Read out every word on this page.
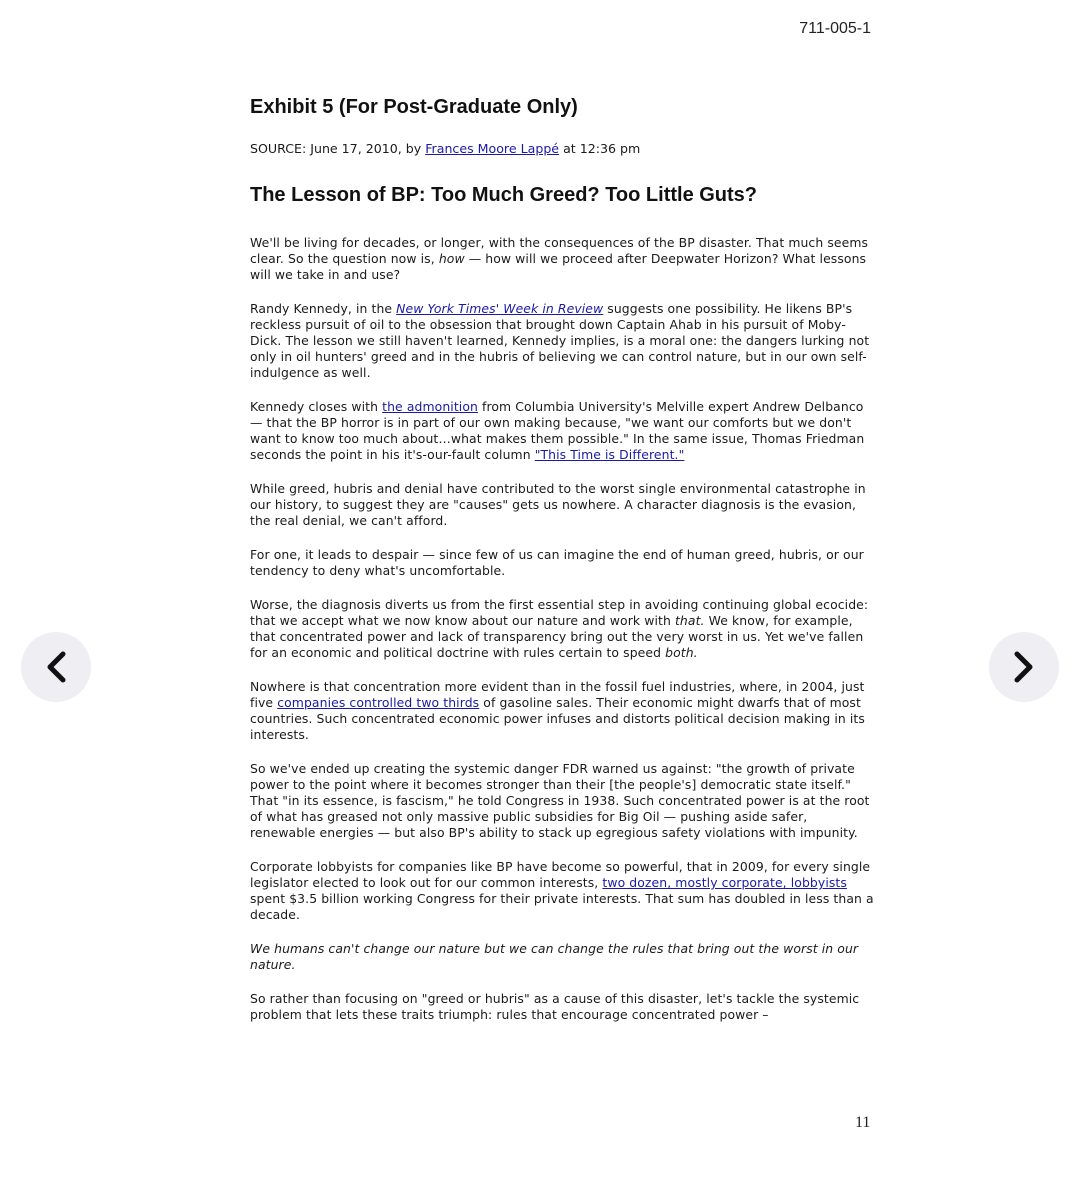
711-005-1
Exhibit 5 (For Post-Graduate Only)
SOURCE: June 17, 2010, by Frances Moore Lappé at 12:36 pm
The Lesson of BP: Too Much Greed? Too Little Guts?

We'll be living for decades, or longer, with the consequences of the BP disaster. That much seems clear. So the question now is, how — how will we proceed after Deepwater Horizon? What lessons will we take in and use?

Randy Kennedy, in the New York Times' Week in Review suggests one possibility. He likens BP's reckless pursuit of oil to the obsession that brought down Captain Ahab in his pursuit of Moby-Dick. The lesson we still haven't learned, Kennedy implies, is a moral one: the dangers lurking not only in oil hunters' greed and in the hubris of believing we can control nature, but in our own self-indulgence as well.

Kennedy closes with the admonition from Columbia University's Melville expert Andrew Delbanco — that the BP horror is in part of our own making because, "we want our comforts but we don't want to know too much about…what makes them possible." In the same issue, Thomas Friedman seconds the point in his it's-our-fault column "This Time is Different."

While greed, hubris and denial have contributed to the worst single environmental catastrophe in our history, to suggest they are "causes" gets us nowhere. A character diagnosis is the evasion, the real denial, we can't afford.

For one, it leads to despair — since few of us can imagine the end of human greed, hubris, or our tendency to deny what's uncomfortable.

Worse, the diagnosis diverts us from the first essential step in avoiding continuing global ecocide: that we accept what we now know about our nature and work with that. We know, for example, that concentrated power and lack of transparency bring out the very worst in us. Yet we've fallen for an economic and political doctrine with rules certain to speed both.

Nowhere is that concentration more evident than in the fossil fuel industries, where, in 2004, just five companies controlled two thirds of gasoline sales. Their economic might dwarfs that of most countries. Such concentrated economic power infuses and distorts political decision making in its interests.

So we've ended up creating the systemic danger FDR warned us against: "the growth of private power to the point where it becomes stronger than their [the people's] democratic state itself." That "in its essence, is fascism," he told Congress in 1938. Such concentrated power is at the root of what has greased not only massive public subsidies for Big Oil — pushing aside safer, renewable energies — but also BP's ability to stack up egregious safety violations with impunity.

Corporate lobbyists for companies like BP have become so powerful, that in 2009, for every single legislator elected to look out for our common interests, two dozen, mostly corporate, lobbyists spent $3.5 billion working Congress for their private interests. That sum has doubled in less than a decade.

We humans can't change our nature but we can change the rules that bring out the worst in our nature.

So rather than focusing on "greed or hubris" as a cause of this disaster, let's tackle the systemic problem that lets these traits triumph: rules that encourage concentrated power –

11
